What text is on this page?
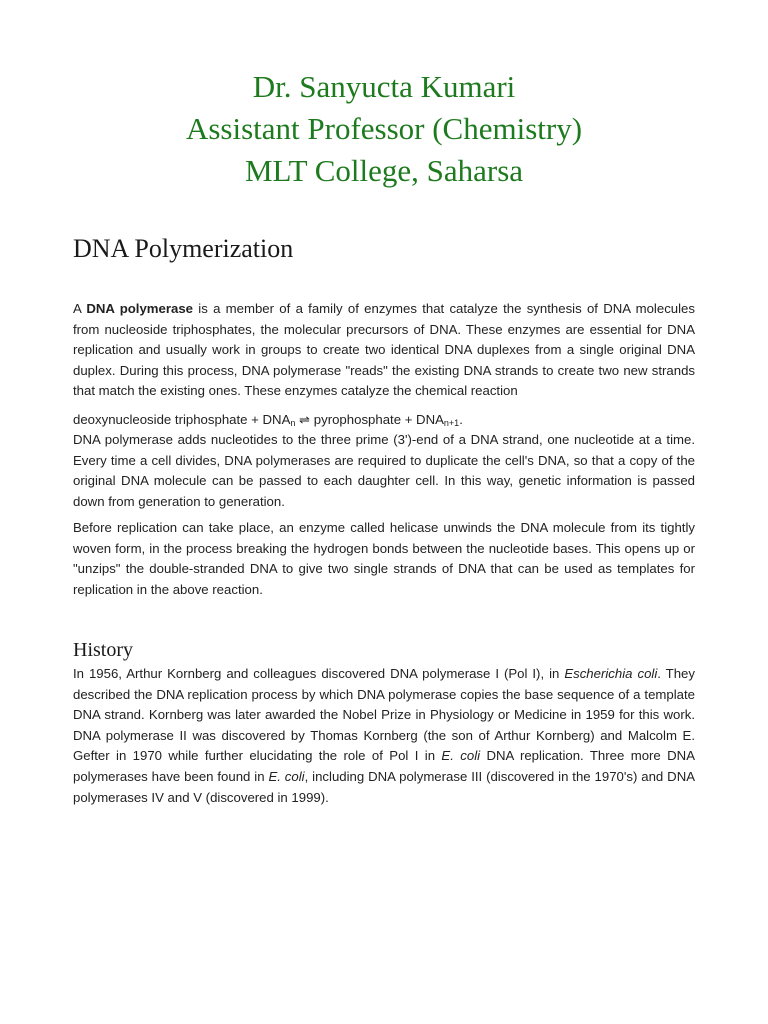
Dr. Sanyucta Kumari
Assistant Professor (Chemistry)
MLT College, Saharsa
DNA Polymerization

A DNA polymerase is a member of a family of enzymes that catalyze the synthesis of DNA molecules from nucleoside triphosphates, the molecular precursors of DNA. These enzymes are essential for DNA replication and usually work in groups to create two identical DNA duplexes from a single original DNA duplex. During this process, DNA polymerase "reads" the existing DNA strands to create two new strands that match the existing ones. These enzymes catalyze the chemical reaction

deoxynucleoside triphosphate + $DNA_n$ ⇌ pyrophosphate + $DNA_{n+1}$.

DNA polymerase adds nucleotides to the three prime (3')-end of a DNA strand, one nucleotide at a time. Every time a cell divides, DNA polymerases are required to duplicate the cell's DNA, so that a copy of the original DNA molecule can be passed to each daughter cell. In this way, genetic information is passed down from generation to generation.

Before replication can take place, an enzyme called helicase unwinds the DNA molecule from its tightly woven form, in the process breaking the hydrogen bonds between the nucleotide bases. This opens up or "unzips" the double-stranded DNA to give two single strands of DNA that can be used as templates for replication in the above reaction.

History

In 1956, Arthur Kornberg and colleagues discovered DNA polymerase I (Pol I), in Escherichia coli. They described the DNA replication process by which DNA polymerase copies the base sequence of a template DNA strand. Kornberg was later awarded the Nobel Prize in Physiology or Medicine in 1959 for this work. DNA polymerase II was discovered by Thomas Kornberg (the son of Arthur Kornberg) and Malcolm E. Gefter in 1970 while further elucidating the role of Pol I in E. coli DNA replication. Three more DNA polymerases have been found in E. coli, including DNA polymerase III (discovered in the 1970's) and DNA polymerases IV and V (discovered in 1999).
